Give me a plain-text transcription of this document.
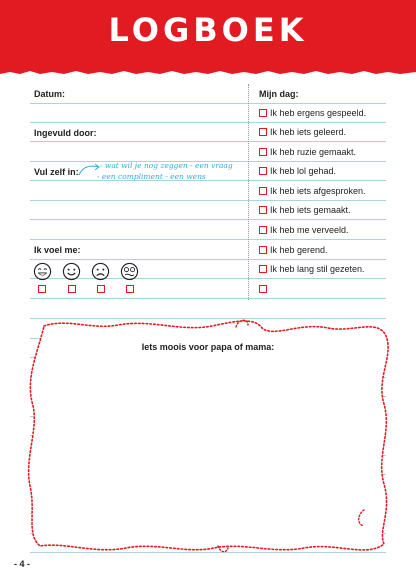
LOGBOEK
Datum:
Ingevuld door:
Vul zelf in:
- wat wil je nog zeggen - een vraag
- een compliment - een wens
Ik voel me:
Mijn dag:
Ik heb ergens gespeeld.
Ik heb iets geleerd.
Ik heb ruzie gemaakt.
Ik heb lol gehad.
Ik heb iets afgesproken.
Ik heb iets gemaakt.
Ik heb me verveeld.
Ik heb gerend.
Ik heb lang stil gezeten.
Iets moois voor papa of mama:
- 4 -
